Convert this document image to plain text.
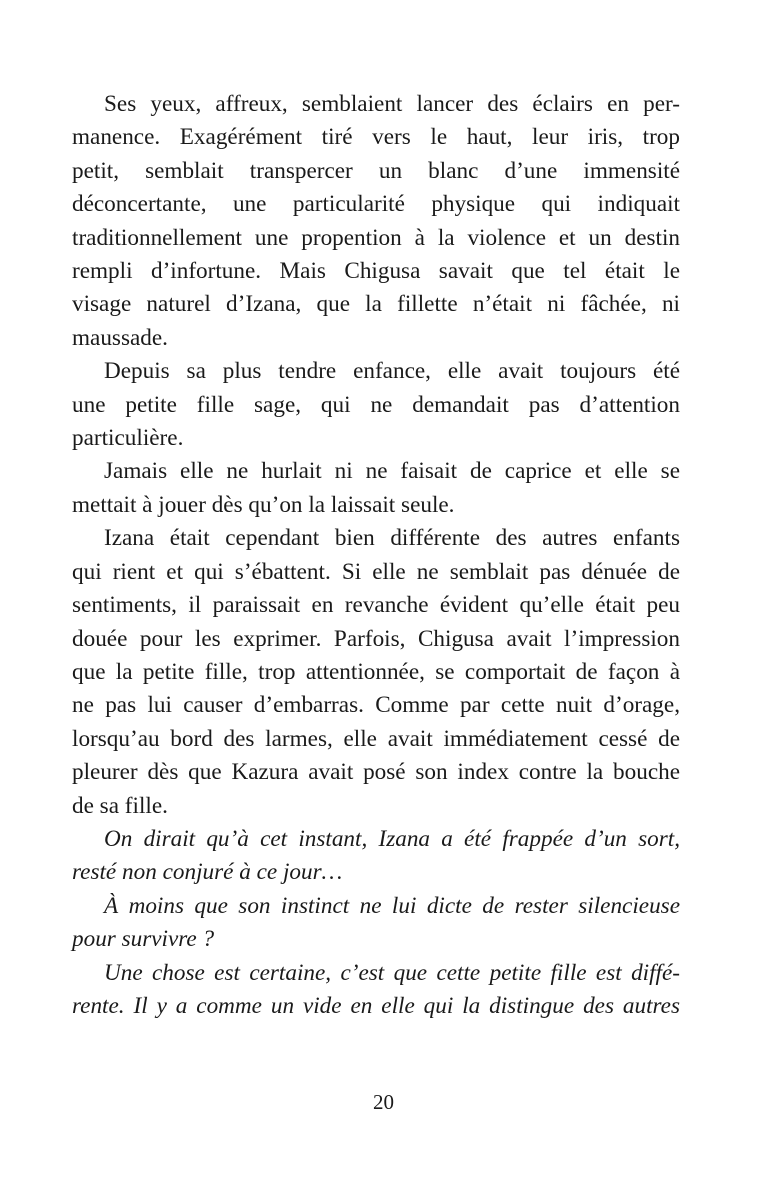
Ses yeux, affreux, semblaient lancer des éclairs en per-
manence. Exagérément tiré vers le haut, leur iris, trop
petit, semblait transpercer un blanc d’une immensité
déconcertante, une particularité physique qui indiquait
traditionnellement une propention à la violence et un destin
rempli d’infortune. Mais Chigusa savait que tel était le
visage naturel d’Izana, que la fillette n’était ni fâchée, ni
maussade.
Depuis sa plus tendre enfance, elle avait toujours été
une petite fille sage, qui ne demandait pas d’attention
particulière.
Jamais elle ne hurlait ni ne faisait de caprice et elle se
mettait à jouer dès qu’on la laissait seule.
Izana était cependant bien différente des autres enfants
qui rient et qui s’ébattent. Si elle ne semblait pas dénuée de
sentiments, il paraissait en revanche évident qu’elle était peu
douée pour les exprimer. Parfois, Chigusa avait l’impression
que la petite fille, trop attentionnée, se comportait de façon à
ne pas lui causer d’embarras. Comme par cette nuit d’orage,
lorsqu’au bord des larmes, elle avait immédiatement cessé de
pleurer dès que Kazura avait posé son index contre la bouche
de sa fille.
On dirait qu’à cet instant, Izana a été frappée d’un sort,
resté non conjuré à ce jour…
À moins que son instinct ne lui dicte de rester silencieuse
pour survivre ?
Une chose est certaine, c’est que cette petite fille est diffé-
rente. Il y a comme un vide en elle qui la distingue des autres
20
